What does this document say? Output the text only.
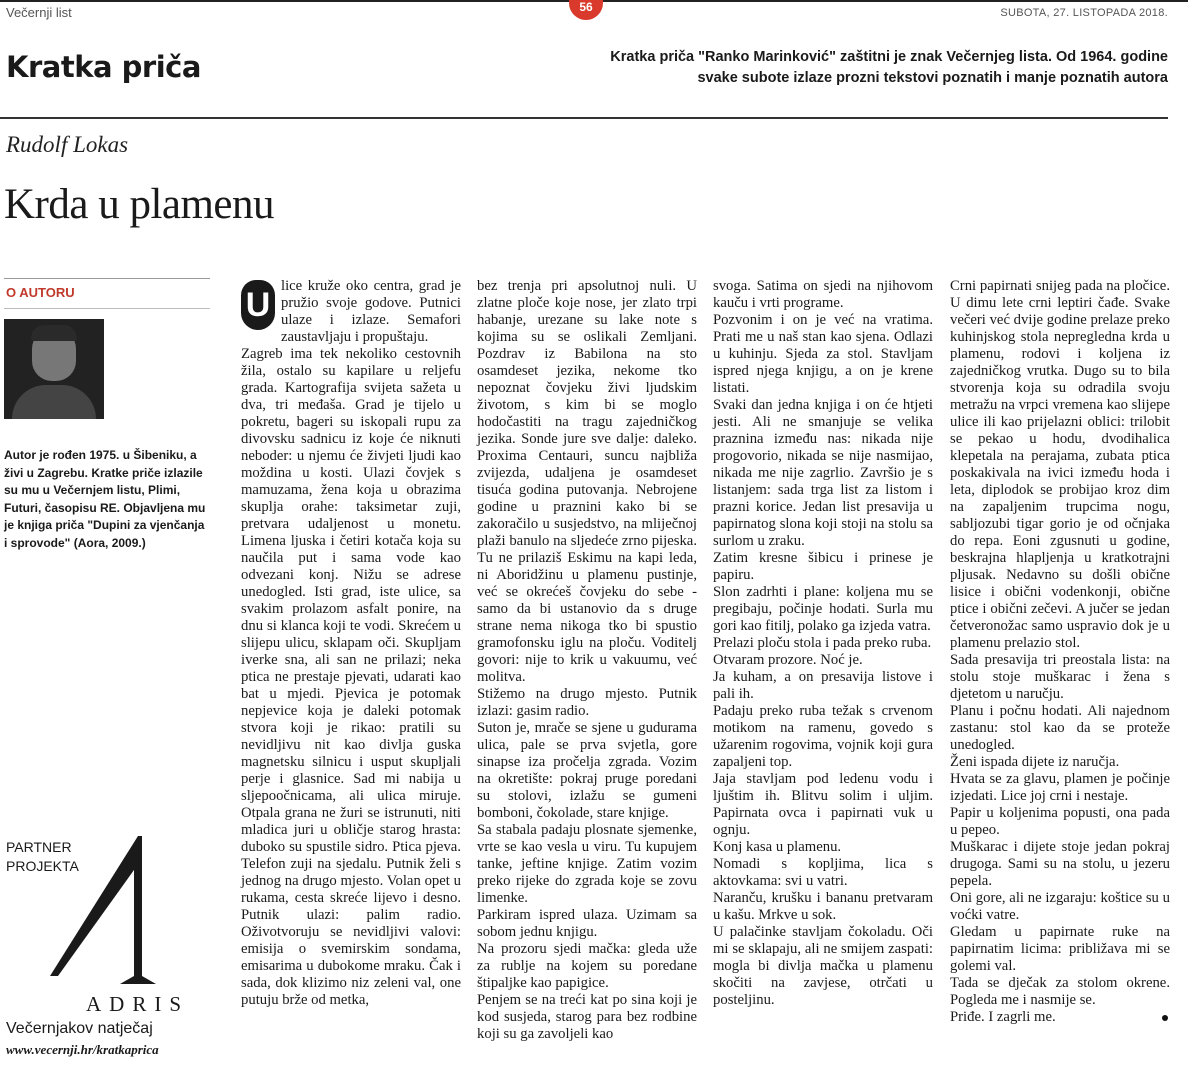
Večernji list	56	SUBOTA, 27. LISTOPADA 2018.
Kratka priča	Kratka priča "Ranko Marinković" zaštitni je znak Večernjeg lista. Od 1964. godine svake subote izlaze prozni tekstovi poznatih i manje poznatih autora
Rudolf Lokas
Krda u plamenu
O AUTORU
Autor je rođen 1975. u Šibeniku, a živi u Zagrebu. Kratke priče izlazile su mu u Večernjem listu, Plimi, Futuri, časopisu RE. Objavljena mu je knjiga priča "Dupini za vjenčanja i sprovode" (Aora, 2009.)
PARTNER
PROJEKTA
ADRIS
Večernjakov natječaj
www.vecernji.hr/kratkaprica
U lice kruže oko centra, grad je pružio svoje godove. Putnici ulaze i izlaze. Semafori zaustavljaju i propuštaju.

Zagreb ima tek nekoliko cestovnih žila, ostalo su kapilare u reljefu grada. Kartografija svijeta sažeta u dva, tri međaša. Grad je tijelo u pokretu, bageri su iskopali rupu za divovsku sadnicu iz koje će niknuti neboder: u njemu će živjeti ljudi kao moždina u kosti. Ulazi čovjek s mamuzama, žena koja u obrazima skuplja orahe: taksimetar zuji, pretvara udaljenost u monetu. Limena ljuska i četiri kotača koja su naučila put i sama vode kao odvezani konj. Nižu se adrese unedogled. Isti grad, iste ulice, sa svakim prolazom asfalt ponire, na dnu si klanca koji te vodi. Skrećem u slijepu ulicu, sklapam oči. Skupljam iverke sna, ali san ne prilazi; neka ptica ne prestaje pjevati, udarati kao bat u mjedi. Pjevica je potomak nepjevice koja je daleki potomak stvora koji je rikao: pratili su nevidljivu nit kao divlja guska magnetsku silnicu i usput skupljali perje i glasnice. Sad mi nabija u sljepoočnicama, ali ulica miruje. Otpala grana ne žuri se istrunuti, niti mladica juri u obličje starog hrasta: duboko su spustile sidro. Ptica pjeva. Telefon zuji na sjedalu. Putnik želi s jednog na drugo mjesto. Volan opet u rukama, cesta skreće lijevo i desno. Putnik ulazi: palim radio. Oživotvoruju se nevidljivi valovi: emisija o svemirskim sondama, emisarima u dubokome mraku. Čak i sada, dok klizimo niz zeleni val, one putuju brže od metka,

bez trenja pri apsolutnoj nuli. U zlatne ploče koje nose, jer zlato trpi habanje, urezane su lake note s kojima su se oslikali Zemljani. Pozdrav iz Babilona na sto osamdeset jezika, nekome tko nepoznat čovjeku živi ljudskim životom, s kim bi se moglo hodočastiti na tragu zajedničkog jezika. Sonde jure sve dalje: daleko. Proxima Centauri, suncu najbliža zvijezda, udaljena je osamdeset tisuća godina putovanja. Nebrojene godine u praznini kako bi se zakoračilo u susjedstvo, na mliječnoj plaži banulo na sljedeće zrno pijeska. Tu ne prilaziš Eskimu na kapi leda, ni Aboridžinu u plamenu pustinje, već se okrećeš čovjeku do sebe - samo da bi ustanovio da s druge strane nema nikoga tko bi spustio gramofonsku iglu na ploču. Voditelj govori: nije to krik u vakuumu, već molitva.

Stižemo na drugo mjesto. Putnik izlazi: gasim radio.

Suton je, mrače se sjene u gudurama ulica, pale se prva svjetla, gore sinapse iza pročelja zgrada. Vozim na okretište: pokraj pruge poredani su stolovi, izlažu se gumeni bomboni, čokolade, stare knjige.

Sa stabala padaju plosnate sjemenke, vrte se kao vesla u viru. Tu kupujem tanke, jeftine knjige. Zatim vozim preko rijeke do zgrada koje se zovu limenke.

Parkiram ispred ulaza. Uzimam sa sobom jednu knjigu.

Na prozoru sjedi mačka: gleda uže za rublje na kojem su poredane štipaljke kao papigice.

Penjem se na treći kat po sina koji je kod susjeda, starog para bez rodbine koji su ga zavoljeli kao

svoga. Satima on sjedi na njihovom kauču i vrti programe.

Pozvonim i on je već na vratima. Prati me u naš stan kao sjena. Odlazi u kuhinju. Sjeda za stol. Stavljam ispred njega knjigu, a on je krene listati.

Svaki dan jedna knjiga i on će htjeti jesti. Ali ne smanjuje se velika praznina između nas: nikada nije progovorio, nikada se nije nasmijao, nikada me nije zagrlio. Završio je s listanjem: sada trga list za listom i prazni korice. Jedan list presavija u papirnatog slona koji stoji na stolu sa surlom u zraku.

Zatim kresne šibicu i prinese je papiru.

Slon zadrhti i plane: koljena mu se pregibaju, počinje hodati. Surla mu gori kao fitilj, polako ga izjeda vatra.

Prelazi ploču stola i pada preko ruba.

Otvaram prozore. Noć je.

Ja kuham, a on presavija listove i pali ih.

Padaju preko ruba težak s crvenom motikom na ramenu, govedo s užarenim rogovima, vojnik koji gura zapaljeni top.

Jaja stavljam pod ledenu vodu i ljuštim ih. Blitvu solim i uljim. Papirnata ovca i papirnati vuk u ognju.

Konj kasa u plamenu.

Nomadi s kopljima, lica s aktovkama: svi u vatri.

Naranču, krušku i bananu pretvaram u kašu. Mrkve u sok.

U palačinke stavljam čokoladu. Oči mi se sklapaju, ali ne smijem zaspati: mogla bi divlja mačka u plamenu skočiti na zavjese, otrčati u posteljinu.

Crni papirnati snijeg pada na pločice. U dimu lete crni leptiri čađe. Svake večeri već dvije godine prelaze preko kuhinjskog stola nepregledna krda u plamenu, rodovi i koljena iz zajedničkog vrutka. Dugo su to bila stvorenja koja su odradila svoju metražu na vrpci vremena kao slijepe ulice ili kao prijelazni oblici: trilobit se pekao u hodu, dvodihalica klepetala na perajama, zubata ptica poskakivala na ivici između hoda i leta, diplodok se probijao kroz dim na zapaljenim trupcima nogu, sabljozubi tigar gorio je od očnjaka do repa. Eoni zgusnuti u godine, beskrajna hlapljenja u kratkotrajni pljusak. Nedavno su došli obične lisice i obični vodenkonji, obične ptice i obični zečevi. A jučer se jedan četveronožac samo uspravio dok je u plamenu prelazio stol.

Sada presavija tri preostala lista: na stolu stoje muškarac i žena s djetetom u naručju.

Planu i počnu hodati. Ali najednom zastanu: stol kao da se proteže unedogled.

Ženi ispada dijete iz naručja.

Hvata se za glavu, plamen je počinje izjedati. Lice joj crni i nestaje.

Papir u koljenima popusti, ona pada u pepeo.

Muškarac i dijete stoje jedan pokraj drugoga. Sami su na stolu, u jezeru pepela.

Oni gore, ali ne izgaraju: koštice su u voćki vatre.

Gledam u papirnate ruke na papirnatim licima: približava mi se golemi val.

Tada se dječak za stolom okrene. Pogleda me i nasmije se.

Priđe. I zagrli me.
